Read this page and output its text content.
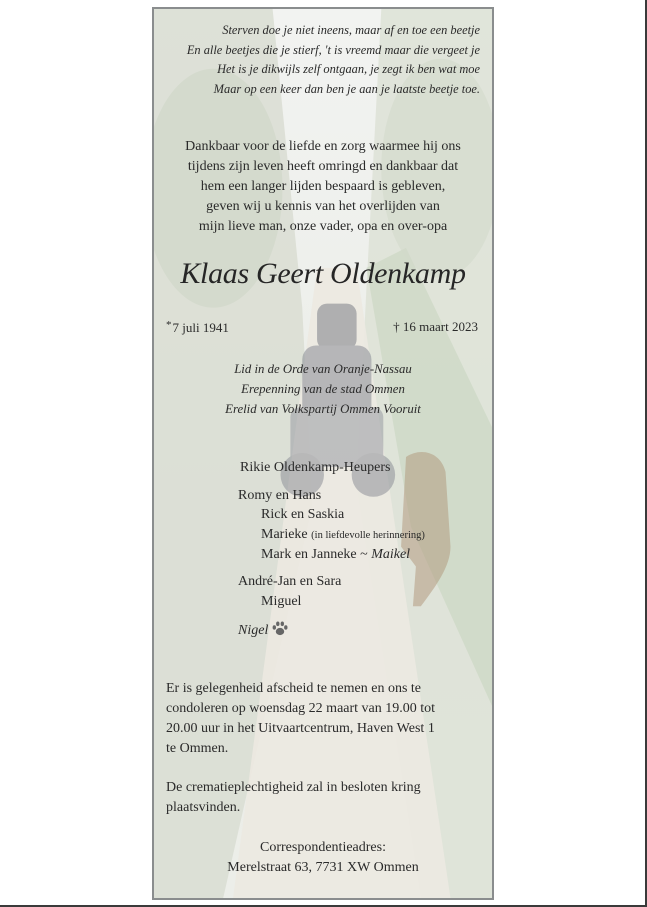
Sterven doe je niet ineens, maar af en toe een beetje
En alle beetjes die je stierf, 't is vreemd maar die vergeet je
Het is je dikwijls zelf ontgaan, je zegt ik ben wat moe
Maar op een keer dan ben je aan je laatste beetje toe.
Dankbaar voor de liefde en zorg waarmee hij ons
tijdens zijn leven heeft omringd en dankbaar dat
hem een langer lijden bespaard is gebleven,
geven wij u kennis van het overlijden van
mijn lieve man, onze vader, opa en over-opa
Klaas Geert Oldenkamp
*7 juli 1941	† 16 maart 2023
Lid in de Orde van Oranje-Nassau
Erepenning van de stad Ommen
Erelid van Volkspartij Ommen Vooruit
Rikie Oldenkamp-Heupers
Romy en Hans
Rick en Saskia
Marieke (in liefdevolle herinnering)
Mark en Janneke ~ Maikel
André-Jan en Sara
Miguel
Nigel
Er is gelegenheid afscheid te nemen en ons te
condoleren op woensdag 22 maart van 19.00 tot
20.00 uur in het Uitvaartcentrum, Haven West 1
te Ommen.
De crematieplechtigheid zal in besloten kring
plaatsvinden.
Correspondentieadres:
Merelstraat 63, 7731 XW Ommen
